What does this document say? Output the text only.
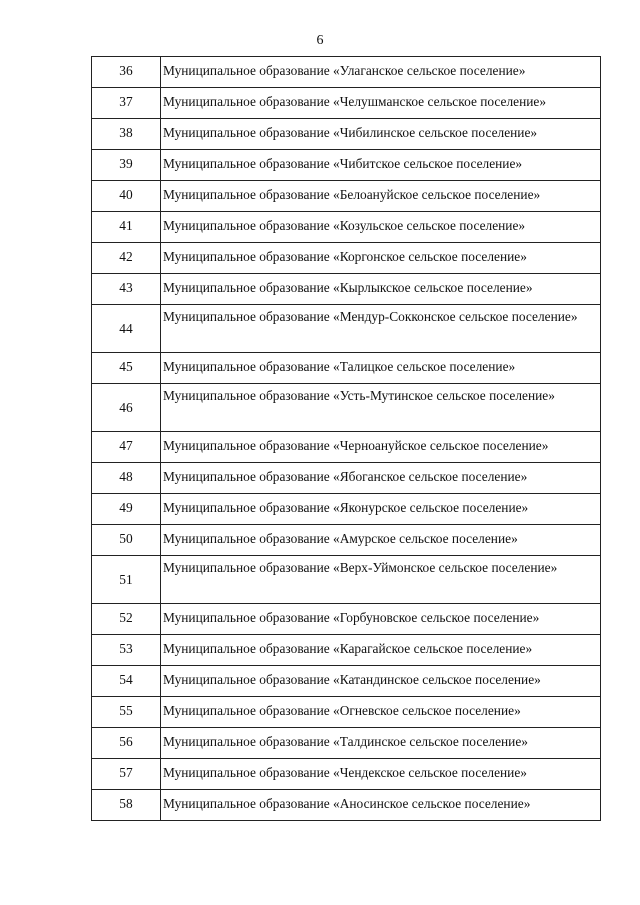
6
36	Муниципальное образование «Улаганское сельское поселение»
37	Муниципальное образование «Челушманское сельское поселение»
38	Муниципальное образование «Чибилинское сельское поселение»
39	Муниципальное образование «Чибитское сельское поселение»
40	Муниципальное образование «Белоануйское сельское поселение»
41	Муниципальное образование «Козульское сельское поселение»
42	Муниципальное образование «Коргонское сельское поселение»
43	Муниципальное образование «Кырлыкское сельское поселение»
44	Муниципальное образование «Мендур-Сокконское сельское поселение»
45	Муниципальное образование «Талицкое сельское поселение»
46	Муниципальное образование «Усть-Мутинское сельское поселение»
47	Муниципальное образование «Черноануйское сельское поселение»
48	Муниципальное образование «Ябоганское сельское поселение»
49	Муниципальное образование «Яконурское сельское поселение»
50	Муниципальное образование «Амурское сельское поселение»
51	Муниципальное образование «Верх-Уймонское сельское поселение»
52	Муниципальное образование «Горбуновское сельское поселение»
53	Муниципальное образование «Карагайское сельское поселение»
54	Муниципальное образование «Катандинское сельское поселение»
55	Муниципальное образование «Огневское сельское поселение»
56	Муниципальное образование «Талдинское сельское поселение»
57	Муниципальное образование «Чендекское сельское поселение»
58	Муниципальное образование «Аносинское сельское поселение»
